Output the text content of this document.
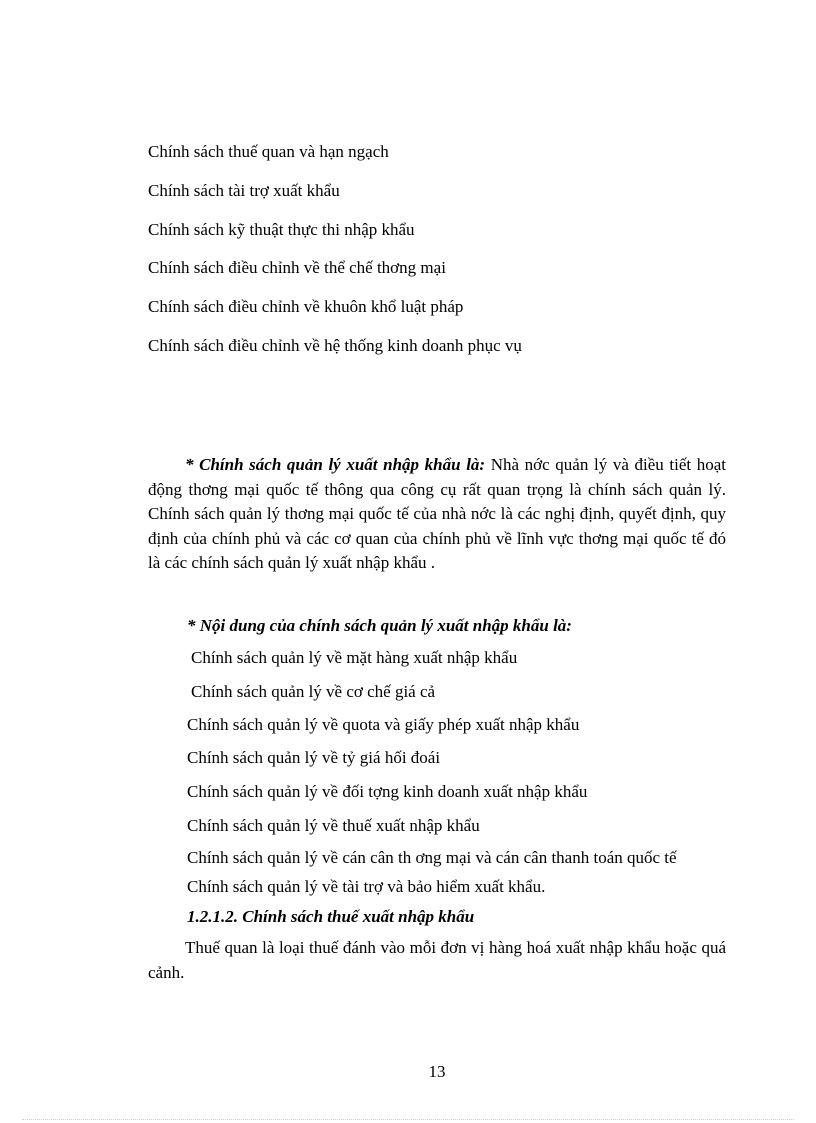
Chính sách thuế quan và hạn ngạch
Chính sách tài trợ xuất khẩu
Chính sách kỹ thuật thực thi nhập khẩu
Chính sách điều chỉnh về thể chế thơng mại
Chính sách điều chỉnh về khuôn khổ luật pháp
Chính sách điều chỉnh về hệ thống kinh doanh phục vụ
* Chính sách quản lý xuất nhập khẩu là: Nhà nớc quản lý và điều tiết hoạt động thơng mại quốc tế thông qua công cụ rất quan trọng là chính sách quản lý. Chính sách quản lý thơng mại quốc tế của nhà nớc là các nghị định, quyết định, quy định của chính phủ và các cơ quan của chính phủ về lĩnh vực thơng mại quốc tế đó là các chính sách quản lý xuất nhập khẩu .
* Nội dung của chính sách quản lý xuất nhập khẩu là:
Chính sách quản lý về mặt hàng xuất nhập khẩu
Chính sách quản lý về cơ chế giá cả
Chính sách quản lý về quota và giấy phép xuất nhập khẩu
Chính sách quản lý về tỷ giá hối đoái
Chính sách quản lý về đối tợng kinh doanh xuất nhập khẩu
Chính sách quản lý về thuế xuất nhập khẩu
Chính sách quản lý về cán cân th ơng mại và cán cân thanh toán quốc tế
Chính sách quản lý về tài trợ và bảo hiểm xuất khẩu.
1.2.1.2. Chính sách thuế xuất nhập khẩu
Thuế quan là loại thuế đánh vào mỗi đơn vị hàng hoá xuất nhập khẩu hoặc quá cảnh.
13
